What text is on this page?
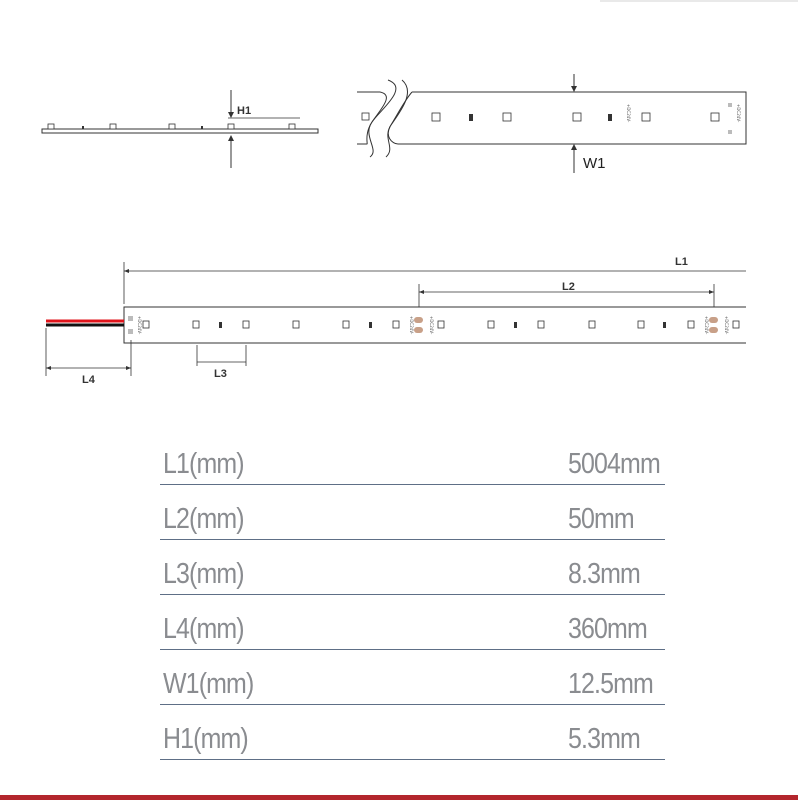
H1	+DC24V-	+DC24V-
W1
L1
L2
+DC24V-	+DC24V-	+DC24V-	+DC24V-	+DC24V-
L3
L4
L1(mm)	5004mm
L2(mm)	50mm
L3(mm)	8.3mm
L4(mm)	360mm
W1(mm)	12.5mm
H1(mm)	5.3mm
